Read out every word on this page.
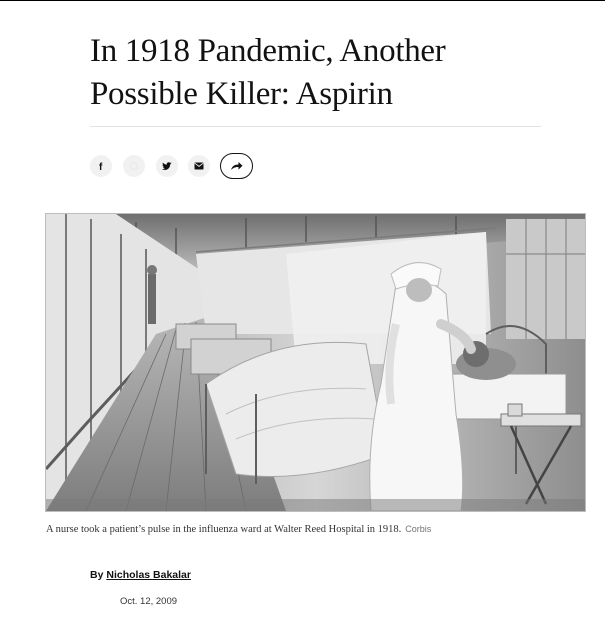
In 1918 Pandemic, Another Possible Killer: Aspirin
f
A nurse took a patient’s pulse in the influenza ward at Walter Reed Hospital in 1918. Corbis
By Nicholas Bakalar
Oct. 12, 2009
